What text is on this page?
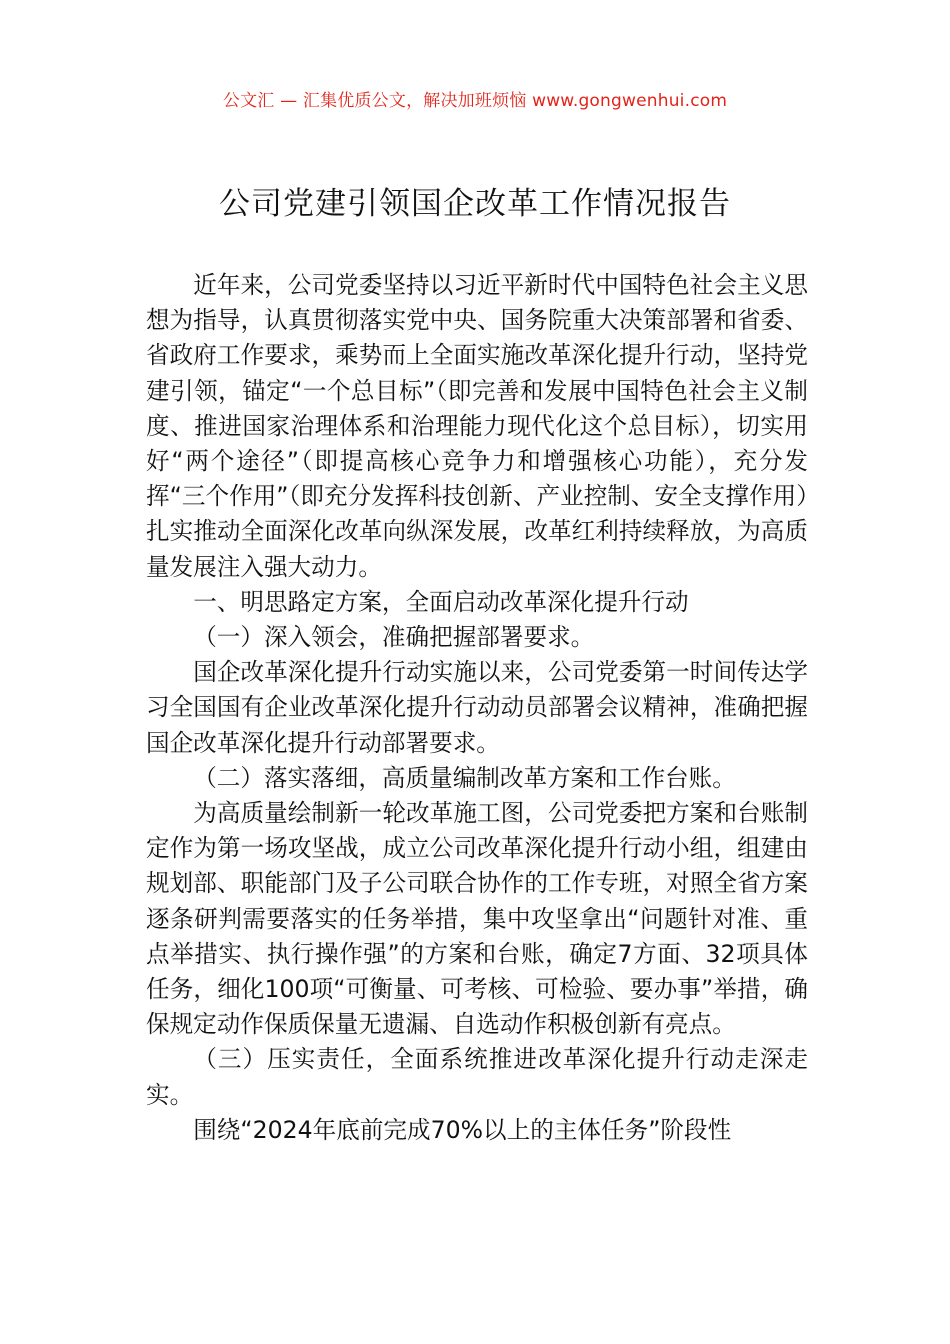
公文汇 — 汇集优质公文，解决加班烦恼 www.gongwenhui.com
公司党建引领国企改革工作情况报告

近年来，公司党委坚持以习近平新时代中国特色社会主义思想为指导，认真贯彻落实党中央、国务院重大决策部署和省委、省政府工作要求，乘势而上全面实施改革深化提升行动，坚持党建引领，锚定“一个总目标”（即完善和发展中国特色社会主义制度、推进国家治理体系和治理能力现代化这个总目标），切实用好“两个途径”（即提高核心竞争力和增强核心功能），充分发挥“三个作用”（即充分发挥科技创新、产业控制、安全支撑作用）扎实推动全面深化改革向纵深发展，改革红利持续释放，为高质量发展注入强大动力。

一、明思路定方案，全面启动改革深化提升行动

（一）深入领会，准确把握部署要求。

国企改革深化提升行动实施以来，公司党委第一时间传达学习全国国有企业改革深化提升行动动员部署会议精神，准确把握国企改革深化提升行动部署要求。

（二）落实落细，高质量编制改革方案和工作台账。

为高质量绘制新一轮改革施工图，公司党委把方案和台账制定作为第一场攻坚战，成立公司改革深化提升行动小组，组建由规划部、职能部门及子公司联合协作的工作专班，对照全省方案逐条研判需要落实的任务举措，集中攻坚拿出“问题针对准、重点举措实、执行操作强”的方案和台账，确定7方面、32项具体任务，细化100项“可衡量、可考核、可检验、要办事”举措，确保规定动作保质保量无遗漏、自选动作积极创新有亮点。

（三）压实责任，全面系统推进改革深化提升行动走深走实。

围绕“2024年底前完成70%以上的主体任务”阶段性
